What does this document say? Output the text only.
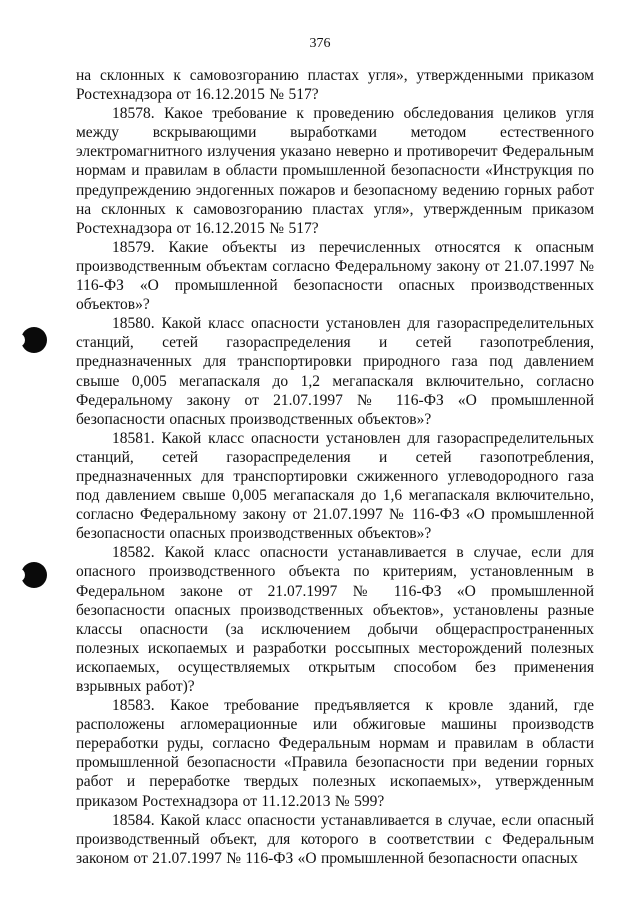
376

на склонных к самовозгоранию пластах угля», утвержденными приказом Ростехнадзора от 16.12.2015 № 517?

18578. Какое требование к проведению обследования целиков угля между вскрывающими выработками методом естественного электромагнитного излучения указано неверно и противоречит Федеральным нормам и правилам в области промышленной безопасности «Инструкция по предупреждению эндогенных пожаров и безопасному ведению горных работ на склонных к самовозгоранию пластах угля», утвержденным приказом Ростехнадзора от 16.12.2015 № 517?

18579. Какие объекты из перечисленных относятся к опасным производственным объектам согласно Федеральному закону от 21.07.1997 № 116-ФЗ «О промышленной безопасности опасных производственных объектов»?

18580. Какой класс опасности установлен для газораспределительных станций, сетей газораспределения и сетей газопотребления, предназначенных для транспортировки природного газа под давлением свыше 0,005 мегапаскаля до 1,2 мегапаскаля включительно, согласно Федеральному закону от 21.07.1997 № 116-ФЗ «О промышленной безопасности опасных производственных объектов»?

18581. Какой класс опасности установлен для газораспределительных станций, сетей газораспределения и сетей газопотребления, предназначенных для транспортировки сжиженного углеводородного газа под давлением свыше 0,005 мегапаскаля до 1,6 мегапаскаля включительно, согласно Федеральному закону от 21.07.1997 № 116-ФЗ «О промышленной безопасности опасных производственных объектов»?

18582. Какой класс опасности устанавливается в случае, если для опасного производственного объекта по критериям, установленным в Федеральном законе от 21.07.1997 № 116-ФЗ «О промышленной безопасности опасных производственных объектов», установлены разные классы опасности (за исключением добычи общераспространенных полезных ископаемых и разработки россыпных месторождений полезных ископаемых, осуществляемых открытым способом без применения взрывных работ)?

18583. Какое требование предъявляется к кровле зданий, где расположены агломерационные или обжиговые машины производств переработки руды, согласно Федеральным нормам и правилам в области промышленной безопасности «Правила безопасности при ведении горных работ и переработке твердых полезных ископаемых», утвержденным приказом Ростехнадзора от 11.12.2013 № 599?

18584. Какой класс опасности устанавливается в случае, если опасный производственный объект, для которого в соответствии с Федеральным законом от 21.07.1997 № 116-ФЗ «О промышленной безопасности опасных
